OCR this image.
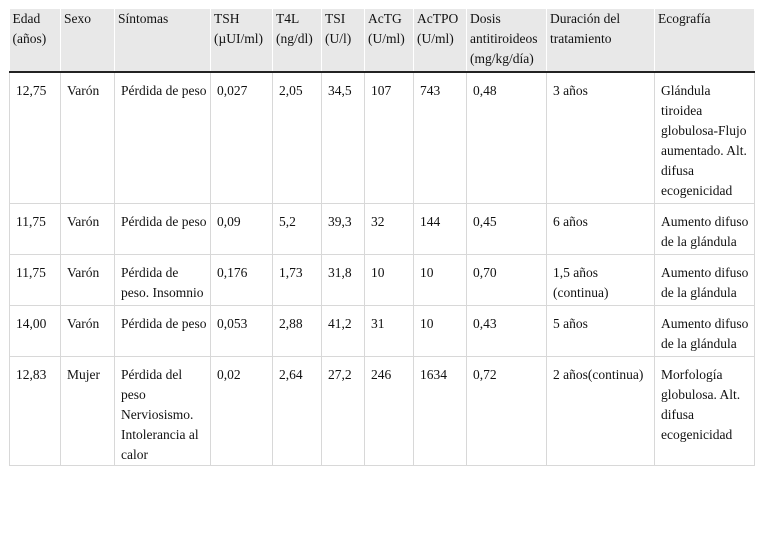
Edad (años)	Sexo	Síntomas	TSH (µUI/ml)	T4L (ng/dl)	TSI (U/l)	AcTG (U/ml)	AcTPO (U/ml)	Dosis antitiroideos (mg/kg/día)	Duración del tratamiento	Ecografía
12,75	Varón	Pérdida de peso	0,027	2,05	34,5	107	743	0,48	3 años	Glándula tiroidea globulosa-Flujo aumentado. Alt. difusa ecogenicidad
11,75	Varón	Pérdida de peso	0,09	5,2	39,3	32	144	0,45	6 años	Aumento difuso de la glándula
11,75	Varón	Pérdida de peso. Insomnio	0,176	1,73	31,8	10	10	0,70	1,5 años (continua)	Aumento difuso de la glándula
14,00	Varón	Pérdida de peso	0,053	2,88	41,2	31	10	0,43	5 años	Aumento difuso de la glándula
12,83	Mujer	Pérdida del peso Nerviosismo. Intolerancia al calor	0,02	2,64	27,2	246	1634	0,72	2 años(continua)	Morfología globulosa. Alt. difusa ecogenicidad
